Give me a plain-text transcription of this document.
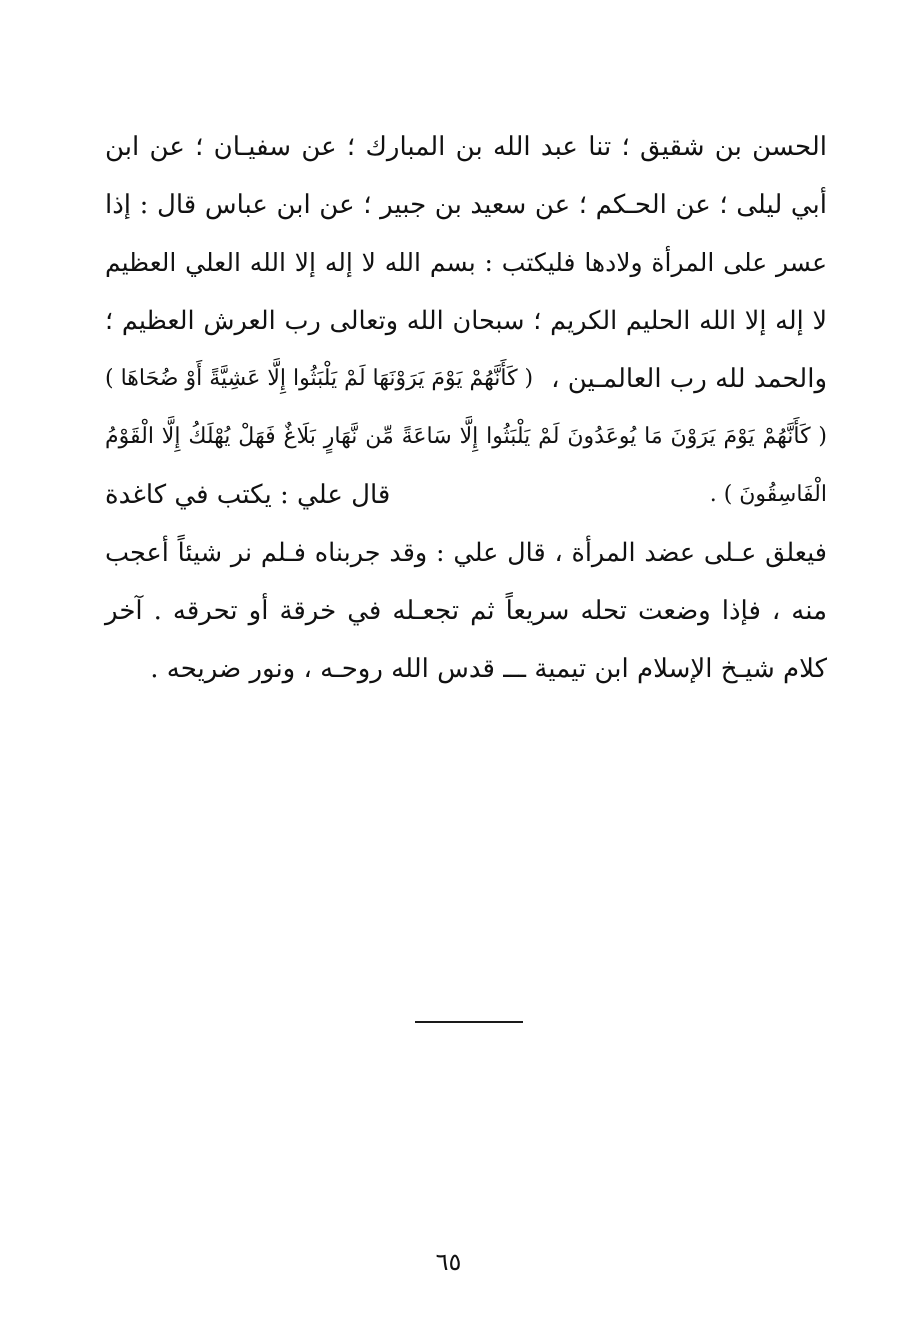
الحسن بن شقيق ؛ تنا عبد الله بن المبارك ؛ عن سفيـان ؛ عن ابن
أبي ليلى ؛ عن الحـكم ؛ عن سعيد بن جبير ؛ عن ابن عباس قال : إذا
عسر على المرأة ولادها فليكتب : بسم الله لا إله إلا الله العلي العظيم
لا إله إلا الله الحليم الكريم ؛ سبحان الله وتعالى رب العرش العظيم ؛
والحمد لله رب العالمـين ،
( كَأَنَّهُمْ يَوْمَ يَرَوْنَهَا لَمْ يَلْبَثُوا إِلَّا عَشِيَّةً أَوْ ضُحَاهَا )
( كَأَنَّهُمْ يَوْمَ يَرَوْنَ مَا يُوعَدُونَ لَمْ يَلْبَثُوا إِلَّا سَاعَةً مِّن نَّهَارٍ بَلَاغٌ فَهَلْ يُهْلَكُ إِلَّا الْقَوْمُ
الْفَاسِقُونَ ) .
قال علي : يكتب في كاغدة
فيعلق عـلى عضد المرأة ، قال علي : وقد جربناه فـلم نر شيئاً أعجب
منه ، فإذا وضعت تحله سريعاً ثم تجعـله في خرقة أو تحرقه . آخر
كلام شيـخ الإسلام ابن تيمية ـــ قدس الله روحـه ، ونور ضريحه .
٦٥
